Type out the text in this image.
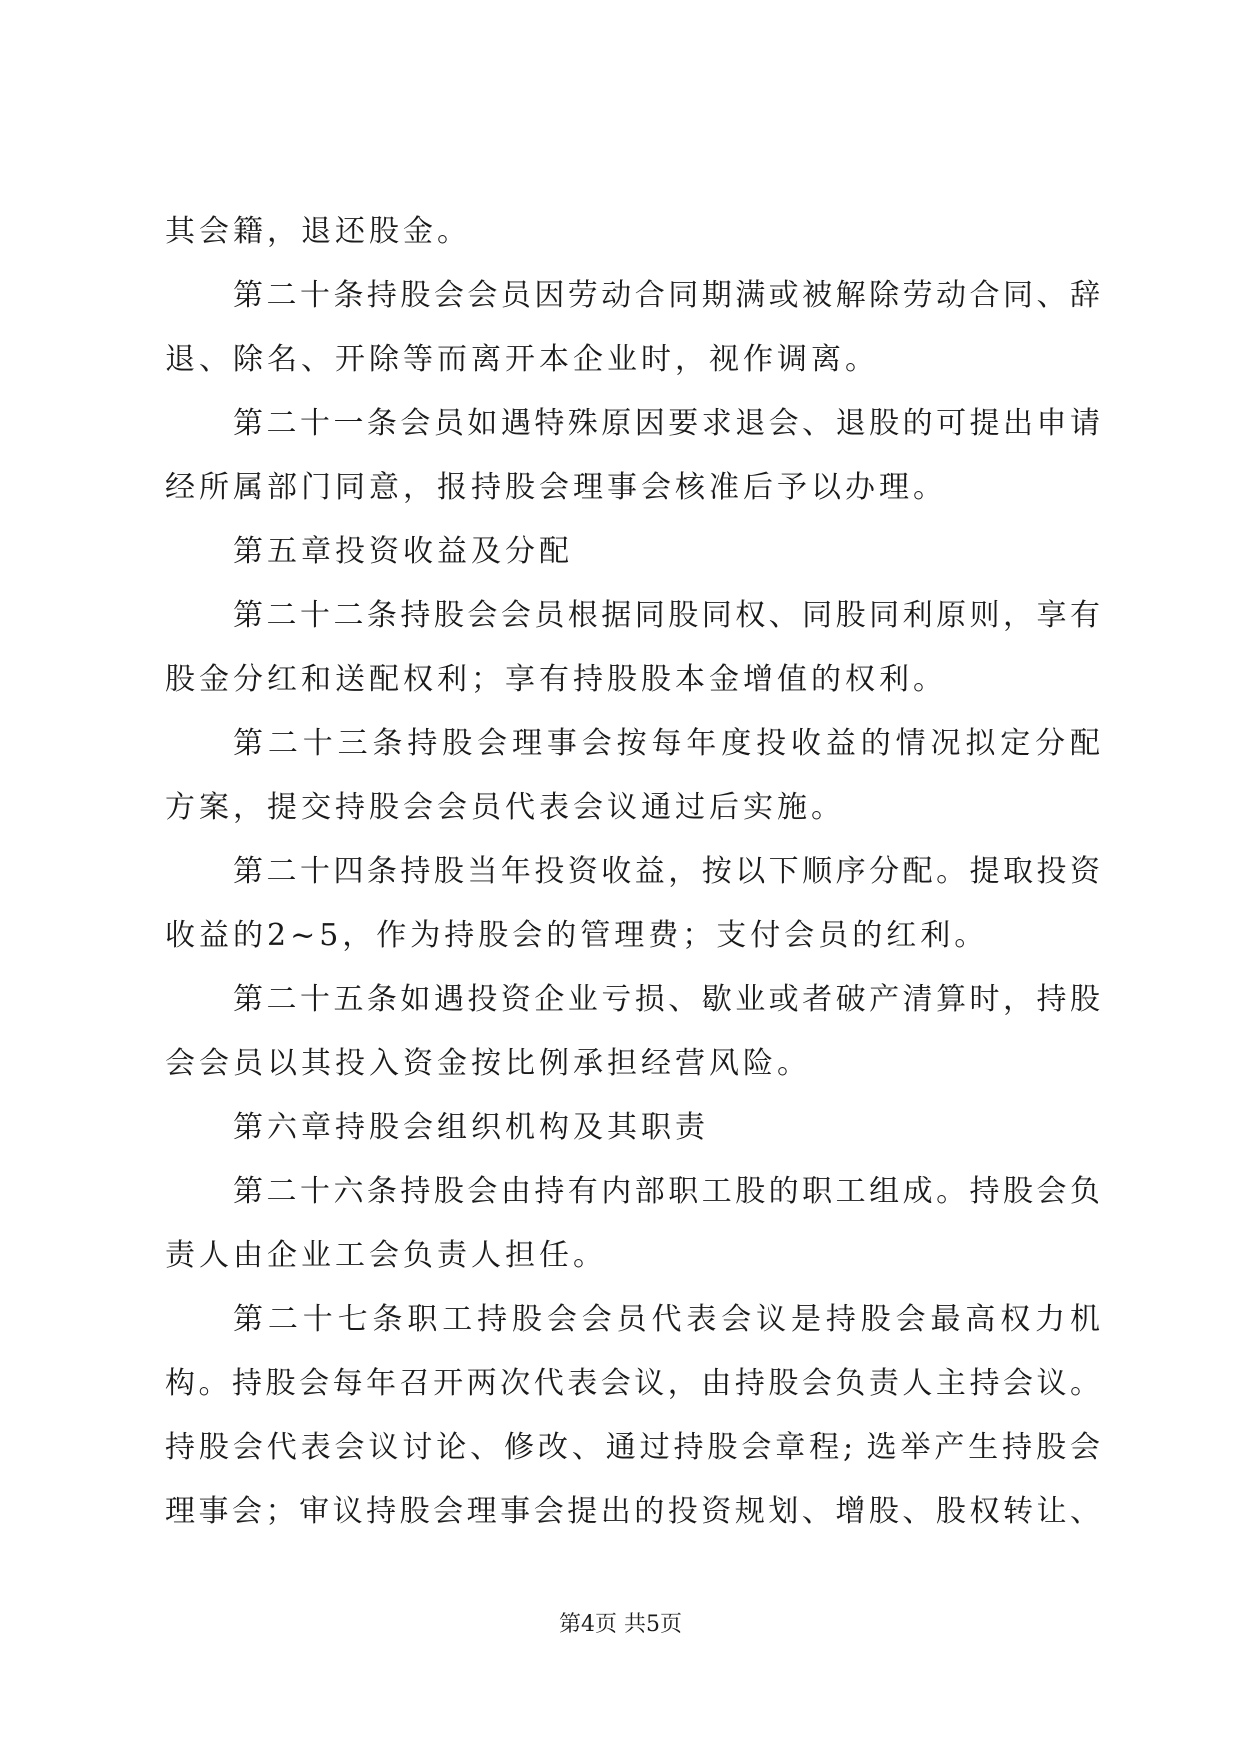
其会籍，退还股金。
第二十条持股会会员因劳动合同期满或被解除劳动合同、辞
退、除名、开除等而离开本企业时，视作调离。
第二十一条会员如遇特殊原因要求退会、退股的可提出申请
经所属部门同意，报持股会理事会核准后予以办理。
第五章投资收益及分配
第二十二条持股会会员根据同股同权、同股同利原则，享有
股金分红和送配权利；享有持股股本金增值的权利。
第二十三条持股会理事会按每年度投收益的情况拟定分配
方案，提交持股会会员代表会议通过后实施。
第二十四条持股当年投资收益，按以下顺序分配。提取投资
收益的2~5，作为持股会的管理费；支付会员的红利。
第二十五条如遇投资企业亏损、歇业或者破产清算时，持股
会会员以其投入资金按比例承担经营风险。
第六章持股会组织机构及其职责
第二十六条持股会由持有内部职工股的职工组成。持股会负
责人由企业工会负责人担任。
第二十七条职工持股会会员代表会议是持股会最高权力机
构。持股会每年召开两次代表会议，由持股会负责人主持会议。
持股会代表会议讨论、修改、通过持股会章程; 选举产生持股会
理事会；审议持股会理事会提出的投资规划、增股、股权转让、
第4页 共5页
